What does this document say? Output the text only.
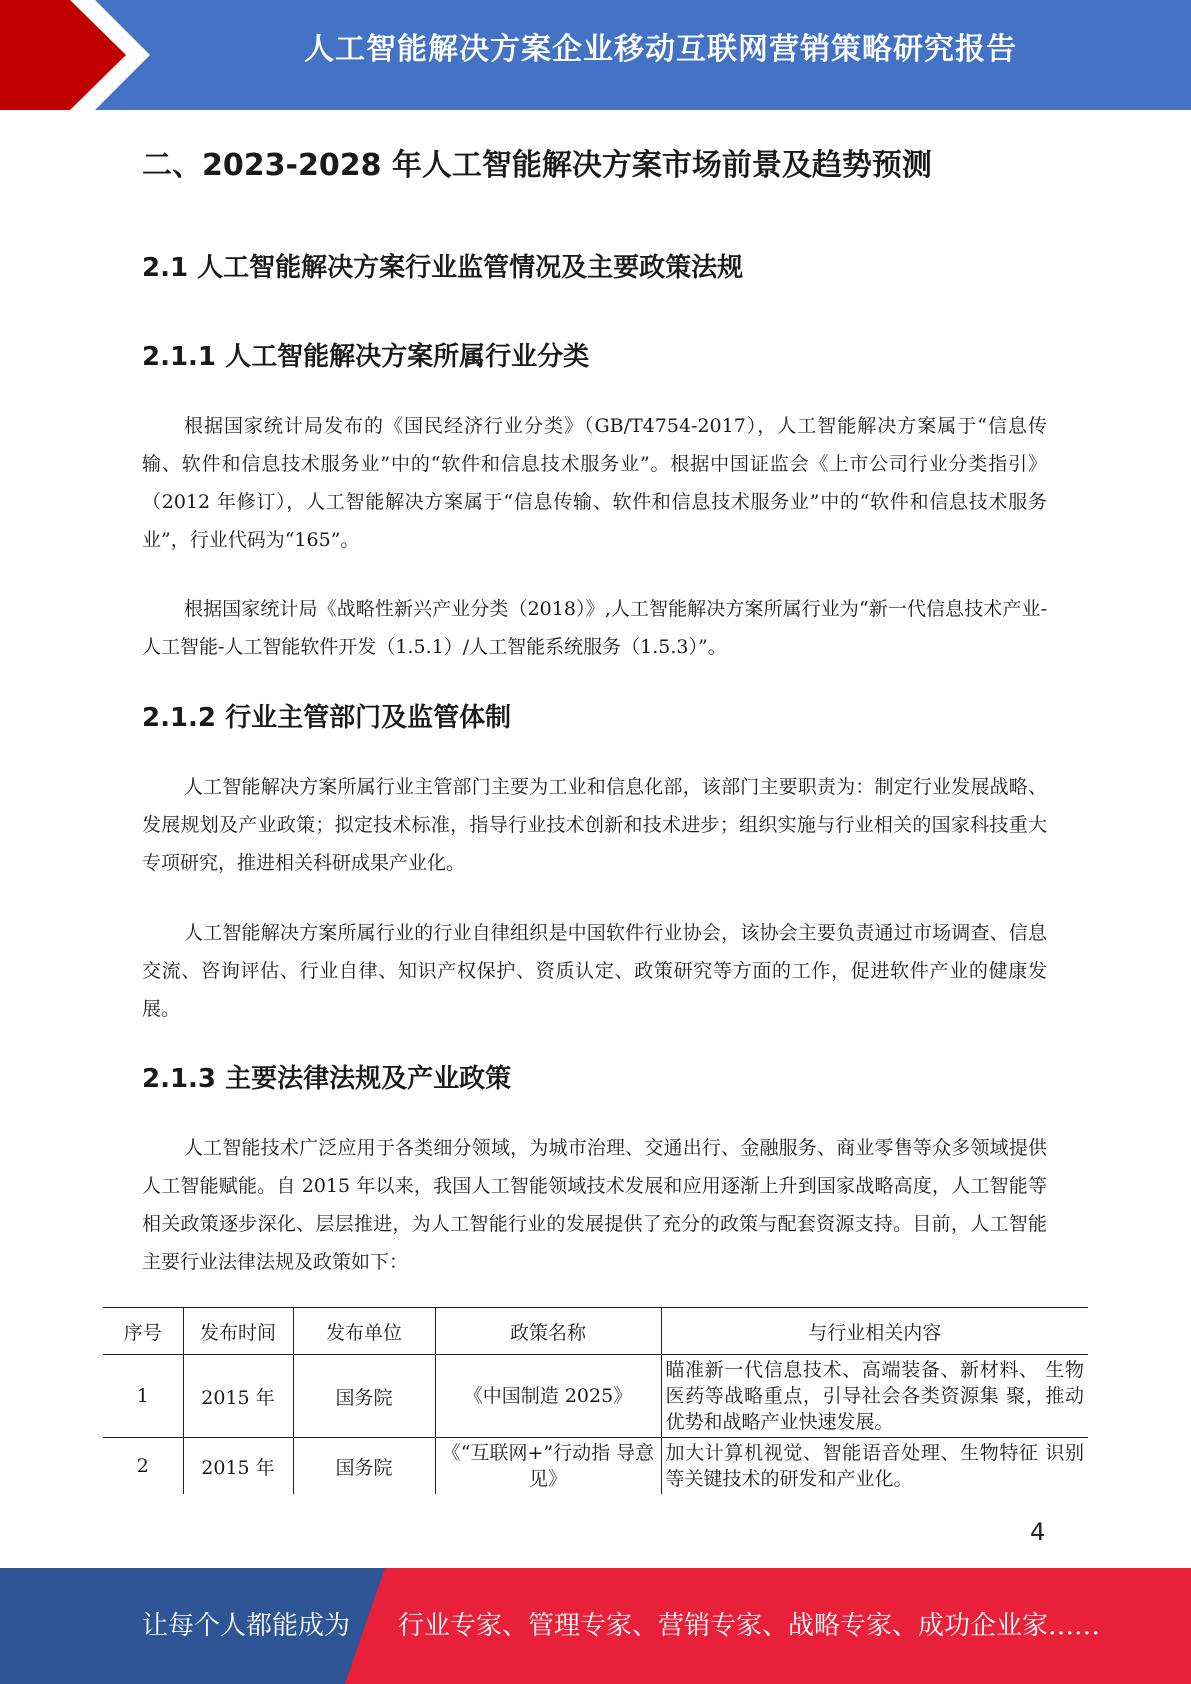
人工智能解决方案企业移动互联网营销策略研究报告
二、2023-2028 年人工智能解决方案市场前景及趋势预测
2.1 人工智能解决方案行业监管情况及主要政策法规
2.1.1 人工智能解决方案所属行业分类

根据国家统计局发布的《国民经济行业分类》（GB/T4754-2017），人工智能解决方案属于“信息传输、软件和信息技术服务业”中的“软件和信息技术服务业”。根据中国证监会《上市公司行业分类指引》（2012 年修订），人工智能解决方案属于“信息传输、软件和信息技术服务业”中的“软件和信息技术服务业”，行业代码为“165”。

根据国家统计局《战略性新兴产业分类（2018）》,人工智能解决方案所属行业为“新一代信息技术产业-人工智能-人工智能软件开发（1.5.1）/人工智能系统服务（1.5.3）”。

2.1.2 行业主管部门及监管体制

人工智能解决方案所属行业主管部门主要为工业和信息化部，该部门主要职责为：制定行业发展战略、发展规划及产业政策；拟定技术标准，指导行业技术创新和技术进步；组织实施与行业相关的国家科技重大专项研究，推进相关科研成果产业化。

人工智能解决方案所属行业的行业自律组织是中国软件行业协会，该协会主要负责通过市场调查、信息交流、咨询评估、行业自律、知识产权保护、资质认定、政策研究等方面的工作，促进软件产业的健康发展。

2.1.3 主要法律法规及产业政策

人工智能技术广泛应用于各类细分领域，为城市治理、交通出行、金融服务、商业零售等众多领域提供人工智能赋能。自 2015 年以来，我国人工智能领域技术发展和应用逐渐上升到国家战略高度，人工智能等相关政策逐步深化、层层推进，为人工智能行业的发展提供了充分的政策与配套资源支持。目前，人工智能主要行业法律法规及政策如下：

序号	发布时间	发布单位	政策名称	与行业相关内容
1	2015 年	国务院	《中国制造 2025》	瞄准新一代信息技术、高端装备、新材料、 生物医药等战略重点，引导社会各类资源集 聚，推动优势和战略产业快速发展。
2	2015 年	国务院	《“互联网+”行动指 导意见》	加大计算机视觉、智能语音处理、生物特征 识别等关键技术的研发和产业化。
4
让每个人都能成为 行业专家、管理专家、营销专家、战略专家、成功企业家……
